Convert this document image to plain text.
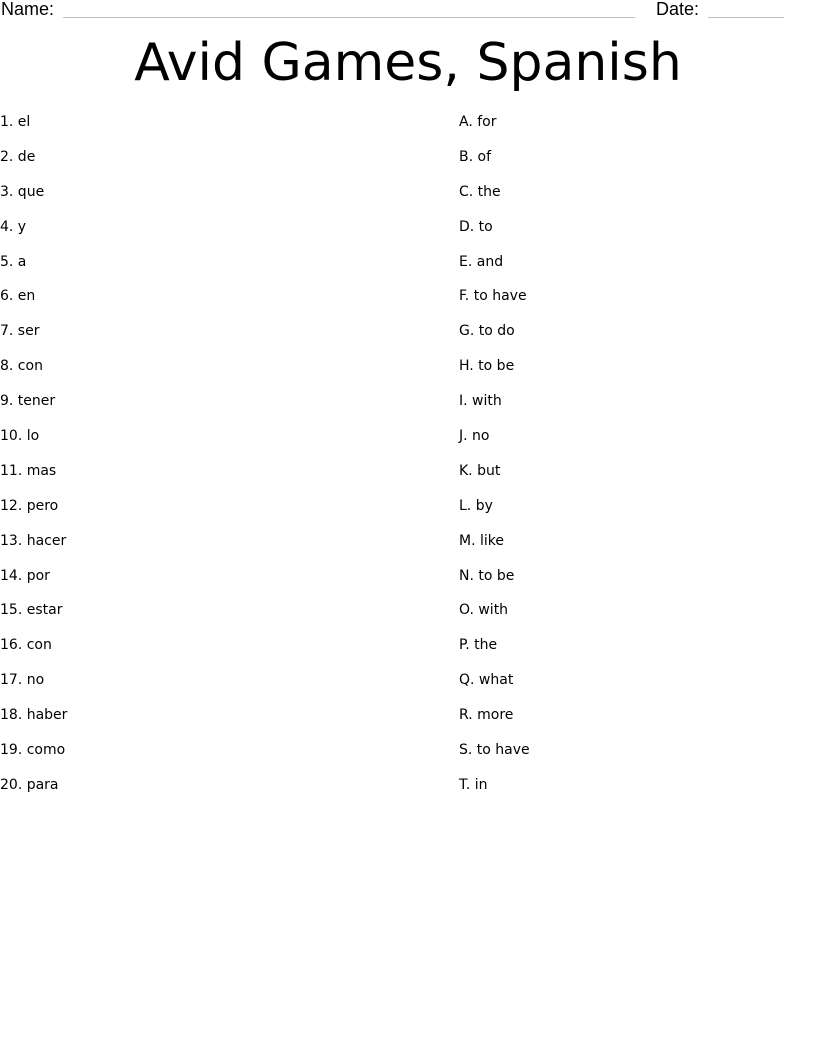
Name:	Date:
Avid Games, Spanish
1. el
2. de
3. que
4. y
5. a
6. en
7. ser
8. con
9. tener
10. lo
11. mas
12. pero
13. hacer
14. por
15. estar
16. con
17. no
18. haber
19. como
20. para
A. for
B. of
C. the
D. to
E. and
F. to have
G. to do
H. to be
I. with
J. no
K. but
L. by
M. like
N. to be
O. with
P. the
Q. what
R. more
S. to have
T. in
